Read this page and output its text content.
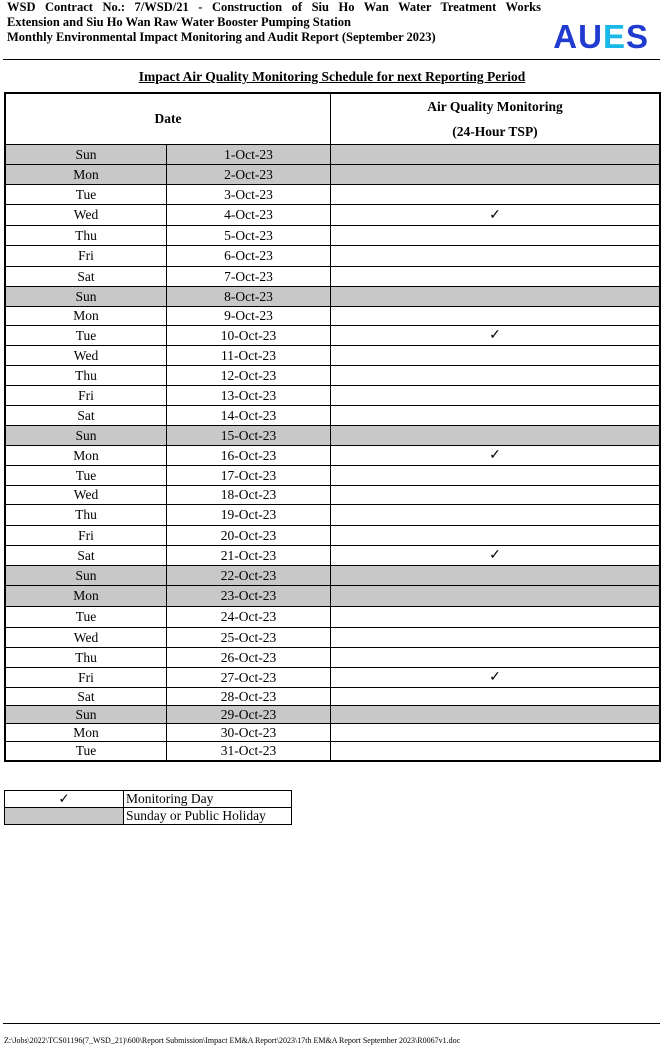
WSD Contract No.: 7/WSD/21 - Construction of Siu Ho Wan Water Treatment Works
Extension and Siu Ho Wan Raw Water Booster Pumping Station
Monthly Environmental Impact Monitoring and Audit Report (September 2023)	AUES
Impact Air Quality Monitoring Schedule for next Reporting Period
Date		Air Quality Monitoring
(24-Hour TSP)

Sun	1-Oct-23	
Mon	2-Oct-23	
Tue	3-Oct-23	
Wed	4-Oct-23	✓
Thu	5-Oct-23	
Fri	6-Oct-23	
Sat	7-Oct-23	
Sun	8-Oct-23	
Mon	9-Oct-23	
Tue	10-Oct-23	✓
Wed	11-Oct-23	
Thu	12-Oct-23	
Fri	13-Oct-23	
Sat	14-Oct-23	
Sun	15-Oct-23	
Mon	16-Oct-23	✓
Tue	17-Oct-23	
Wed	18-Oct-23	
Thu	19-Oct-23	
Fri	20-Oct-23	
Sat	21-Oct-23	✓
Sun	22-Oct-23	
Mon	23-Oct-23	
Tue	24-Oct-23	
Wed	25-Oct-23	
Thu	26-Oct-23	
Fri	27-Oct-23	✓
Sat	28-Oct-23	
Sun	29-Oct-23	
Mon	30-Oct-23	
Tue	31-Oct-23	
✓	Monitoring Day
	Sunday or Public Holiday
Z:\Jobs\2022\TCS01196(7_WSD_21)\600\Report Submission\Impact EM&A Report\2023\17th EM&A Report September 2023\R0067v1.doc
